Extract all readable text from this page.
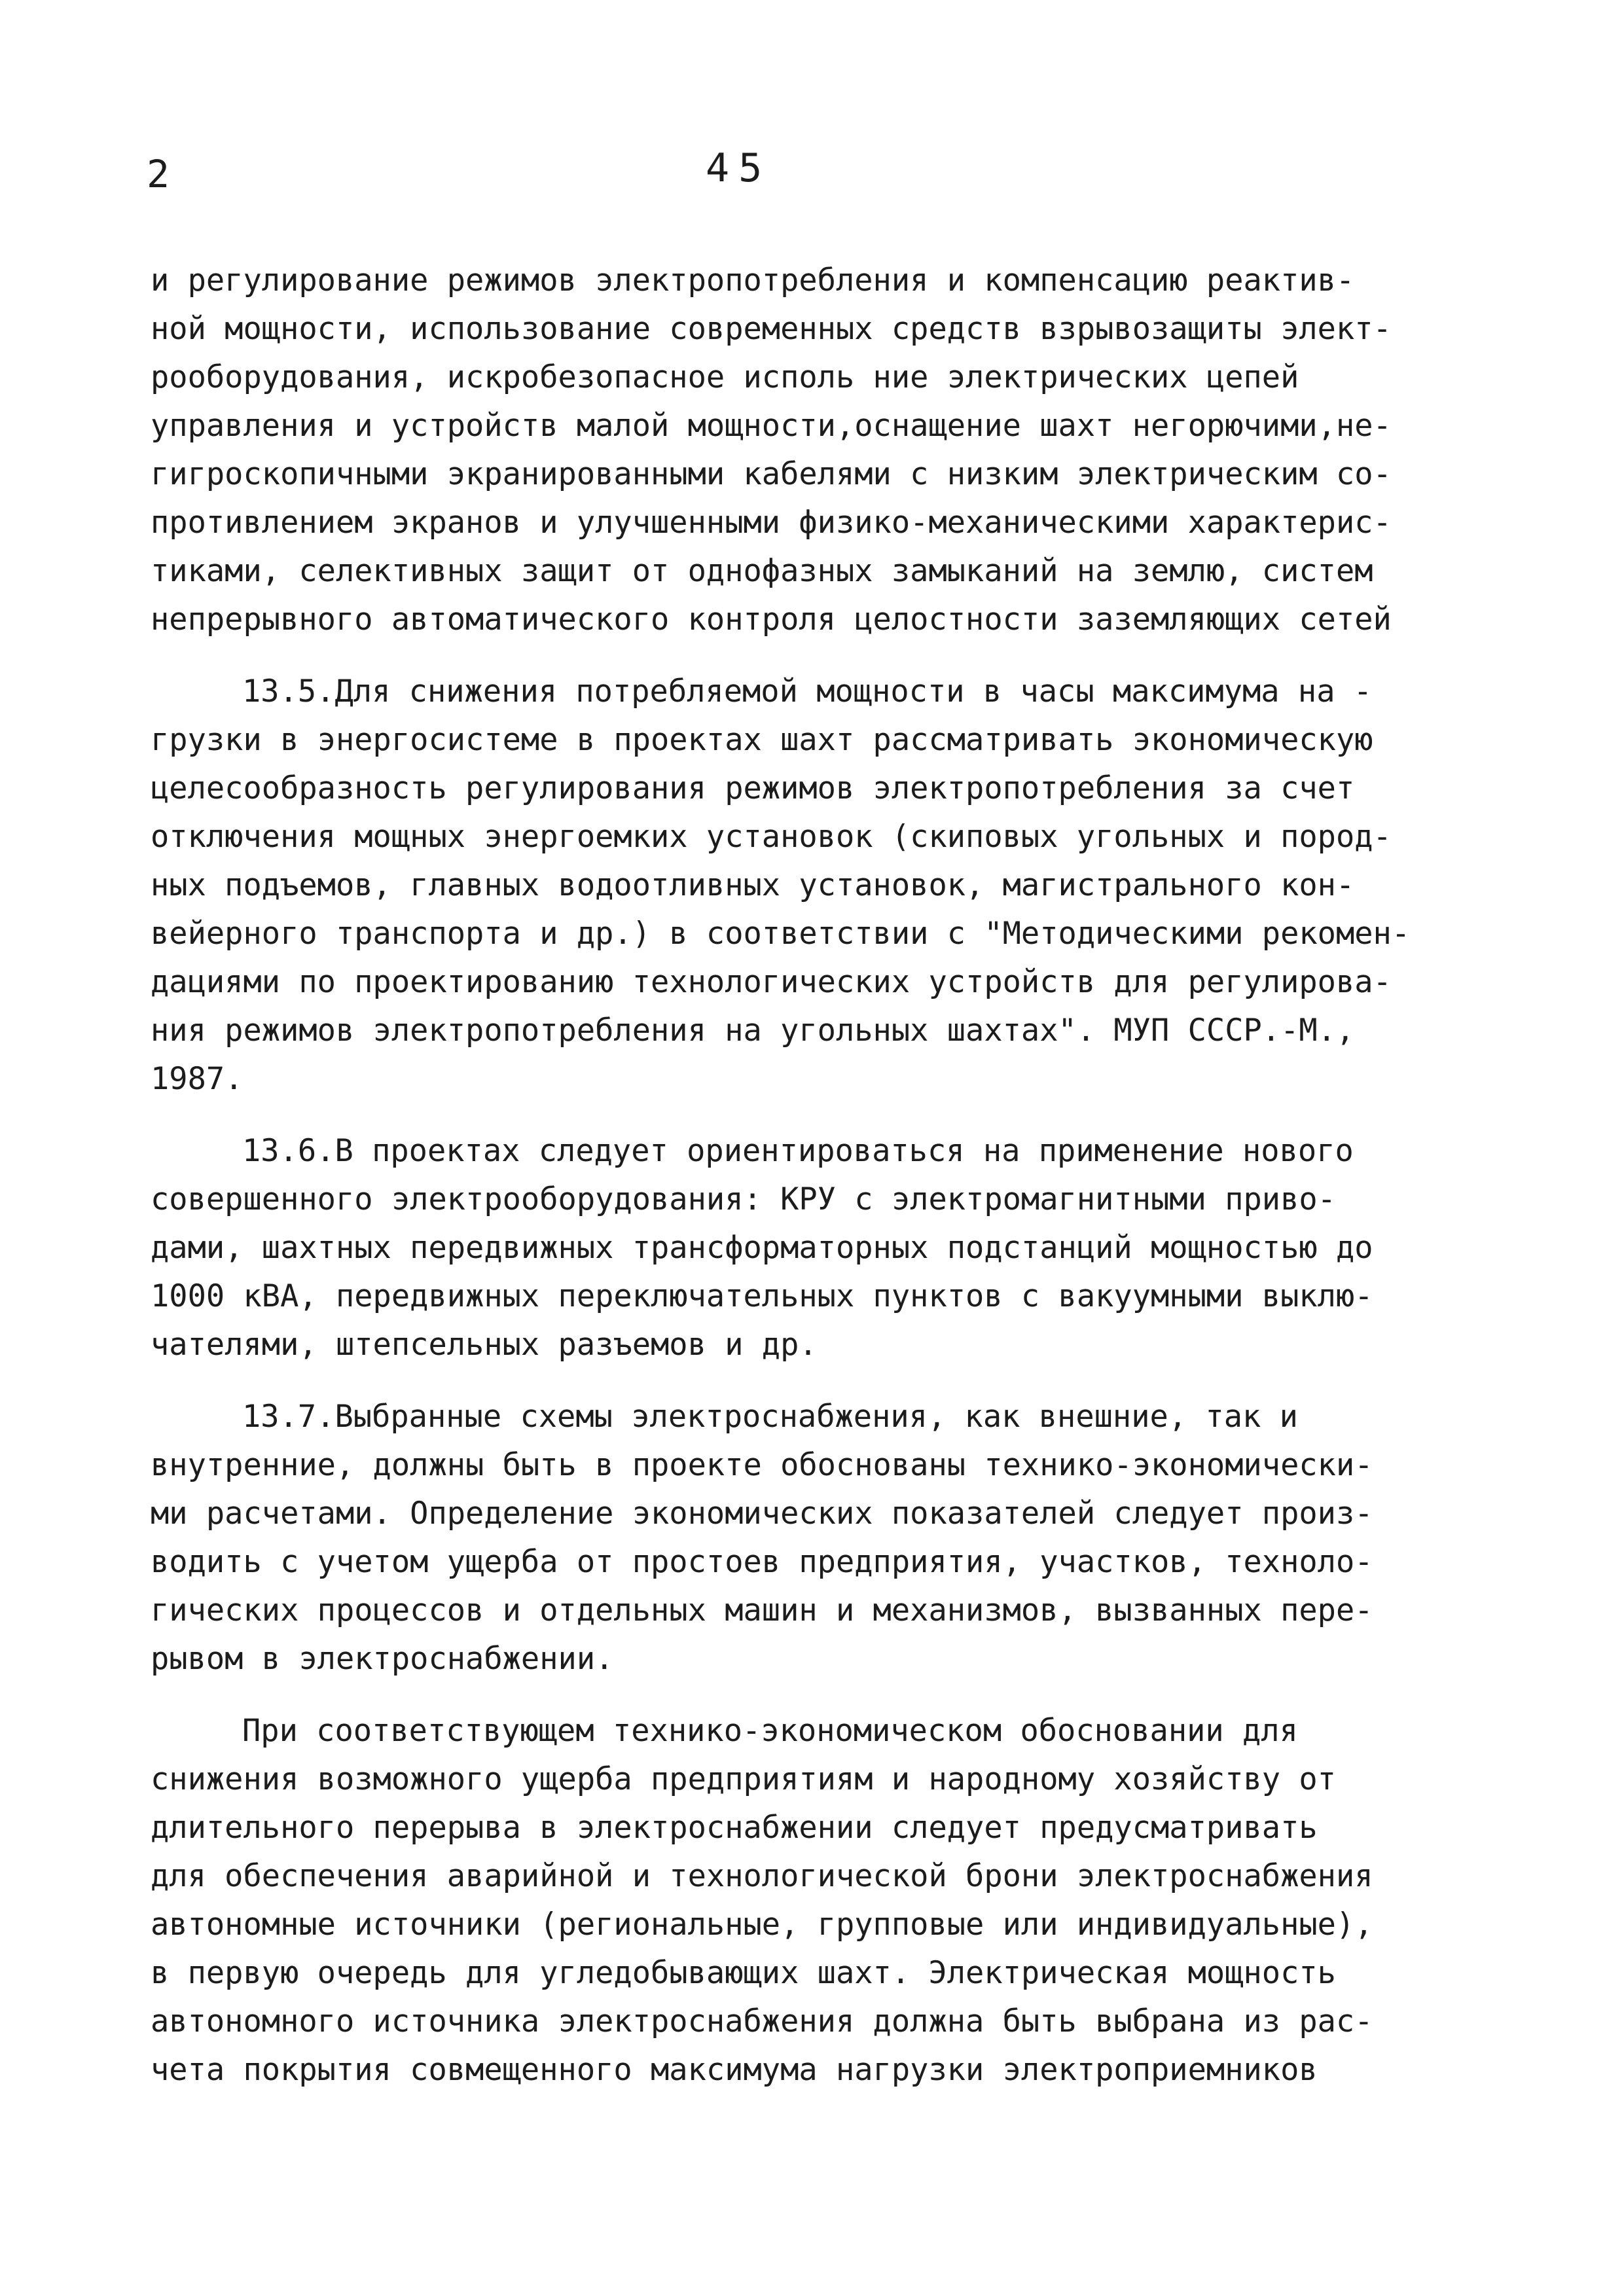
2	45
и регулирование режимов электропотребления и компенсацию реактив-
ной мощности, использование современных средств взрывозащиты элект-
рооборудования, искробезопасное исполь ние электрических цепей
управления и устройств малой мощности,оснащение шахт негорючими,не-
гигроскопичными экранированными кабелями с низким электрическим со-
противлением экранов и улучшенными физико-механическими характерис-
тиками, селективных защит от однофазных замыканий на землю, систем
непрерывного автоматического контроля целостности заземляющих сетей
13.5.Для снижения потребляемой мощности в часы максимума на -
грузки в энергосистеме в проектах шахт рассматривать экономическую
целесообразность регулирования режимов электропотребления за счет
отключения мощных энергоемких установок (скиповых угольных и пород-
ных подъемов, главных водоотливных установок, магистрального кон-
вейерного транспорта и др.) в соответствии с "Методическими рекомен-
дациями по проектированию технологических устройств для регулирова-
ния режимов электропотребления на угольных шахтах". МУП СССР.-М.,
1987.
13.6.В проектах следует ориентироваться на применение нового
совершенного электрооборудования: КРУ с электромагнитными приво-
дами, шахтных передвижных трансформаторных подстанций мощностью до
1000 кВА, передвижных переключательных пунктов с вакуумными выклю-
чателями, штепсельных разъемов и др.
13.7.Выбранные схемы электроснабжения, как внешние, так и
внутренние, должны быть в проекте обоснованы технико-экономически-
ми расчетами. Определение экономических показателей следует произ-
водить с учетом ущерба от простоев предприятия, участков, техноло-
гических процессов и отдельных машин и механизмов, вызванных пере-
рывом в электроснабжении.
При соответствующем технико-экономическом обосновании для
снижения возможного ущерба предприятиям и народному хозяйству от
длительного перерыва в электроснабжении следует предусматривать
для обеспечения аварийной и технологической брони электроснабжения
автономные источники (региональные, групповые или индивидуальные),
в первую очередь для угледобывающих шахт. Электрическая мощность
автономного источника электроснабжения должна быть выбрана из рас-
чета покрытия совмещенного максимума нагрузки электроприемников
